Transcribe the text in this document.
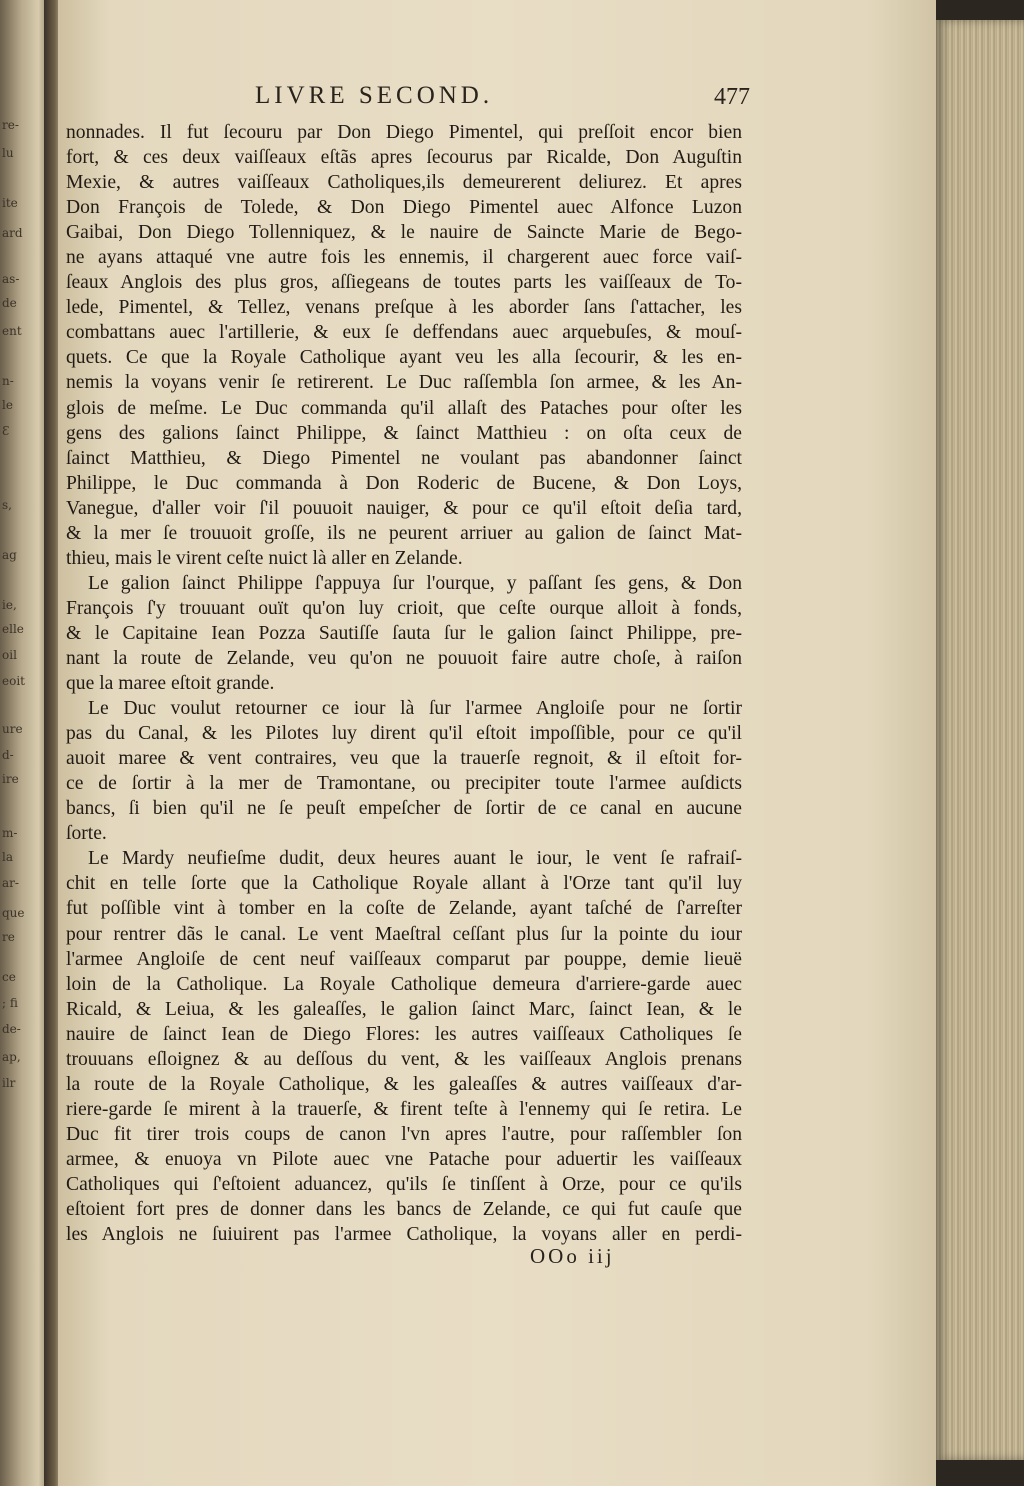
re-
lu
ite
ard
as-
de
ent
n-
le
Ɛ
s,
ag
ie,
elle
oil
eoit
ure
d-
ire
m-
la
ar-
que
re
ce
; fi
de-
ap,
ilr
LIVRE SECOND.	477
nonnades. Il fut ſecouru par Don Diego Pimentel, qui preſſoit encor bien
fort, & ces deux vaiſſeaux eſtãs apres ſecourus par Ricalde, Don Auguſtin
Mexie, & autres vaiſſeaux Catholiques,ils demeurerent deliurez. Et apres
Don François de Tolede, & Don Diego Pimentel auec Alfonce Luzon
Gaibai, Don Diego Tollenniquez, & le nauire de Saincte Marie de Bego-
ne ayans attaqué vne autre fois les ennemis, il chargerent auec force vaiſ-
ſeaux Anglois des plus gros, aſſiegeans de toutes parts les vaiſſeaux de To-
lede, Pimentel, & Tellez, venans preſque à les aborder ſans ſ'attacher, les
combattans auec l'artillerie, & eux ſe deffendans auec arquebuſes, & mouſ-
quets. Ce que la Royale Catholique ayant veu les alla ſecourir, & les en-
nemis la voyans venir ſe retirerent. Le Duc raſſembla ſon armee, & les An-
glois de meſme. Le Duc commanda qu'il allaſt des Pataches pour oſter les
gens des galions ſainct Philippe, & ſainct Matthieu : on oſta ceux de
ſainct Matthieu, & Diego Pimentel ne voulant pas abandonner ſainct
Philippe, le Duc commanda à Don Roderic de Bucene, & Don Loys,
Vanegue, d'aller voir ſ'il pouuoit nauiger, & pour ce qu'il eſtoit deſia tard,
& la mer ſe trouuoit groſſe, ils ne peurent arriuer au galion de ſainct Mat-
thieu, mais le virent ceſte nuict là aller en Zelande.
Le galion ſainct Philippe ſ'appuya ſur l'ourque, y paſſant ſes gens, & Don
François ſ'y trouuant ouït qu'on luy crioit, que ceſte ourque alloit à fonds,
& le Capitaine Iean Pozza Sautiſſe ſauta ſur le galion ſainct Philippe, pre-
nant la route de Zelande, veu qu'on ne pouuoit faire autre choſe, à raiſon
que la maree eſtoit grande.
Le Duc voulut retourner ce iour là ſur l'armee Angloiſe pour ne ſortir
pas du Canal, & les Pilotes luy dirent qu'il eſtoit impoſſible, pour ce qu'il
auoit maree & vent contraires, veu que la trauerſe regnoit, & il eſtoit for-
ce de ſortir à la mer de Tramontane, ou precipiter toute l'armee auſdicts
bancs, ſi bien qu'il ne ſe peuſt empeſcher de ſortir de ce canal en aucune
ſorte.
Le Mardy neufieſme dudit, deux heures auant le iour, le vent ſe rafraiſ-
chit en telle ſorte que la Catholique Royale allant à l'Orze tant qu'il luy
fut poſſible vint à tomber en la coſte de Zelande, ayant taſché de ſ'arreſter
pour rentrer dãs le canal. Le vent Maeſtral ceſſant plus ſur la pointe du iour
l'armee Angloiſe de cent neuf vaiſſeaux comparut par pouppe, demie lieuë
loin de la Catholique. La Royale Catholique demeura d'arriere-garde auec
Ricald, & Leiua, & les galeaſſes, le galion ſainct Marc, ſainct Iean, & le
nauire de ſainct Iean de Diego Flores: les autres vaiſſeaux Catholiques ſe
trouuans eſloignez & au deſſous du vent, & les vaiſſeaux Anglois prenans
la route de la Royale Catholique, & les galeaſſes & autres vaiſſeaux d'ar-
riere-garde ſe mirent à la trauerſe, & firent teſte à l'ennemy qui ſe retira. Le
Duc fit tirer trois coups de canon l'vn apres l'autre, pour raſſembler ſon
armee, & enuoya vn Pilote auec vne Patache pour aduertir les vaiſſeaux
Catholiques qui ſ'eſtoient aduancez, qu'ils ſe tinſſent à Orze, pour ce qu'ils
eſtoient fort pres de donner dans les bancs de Zelande, ce qui fut cauſe que
les Anglois ne ſuiuirent pas l'armee Catholique, la voyans aller en perdi-
OOo iij
